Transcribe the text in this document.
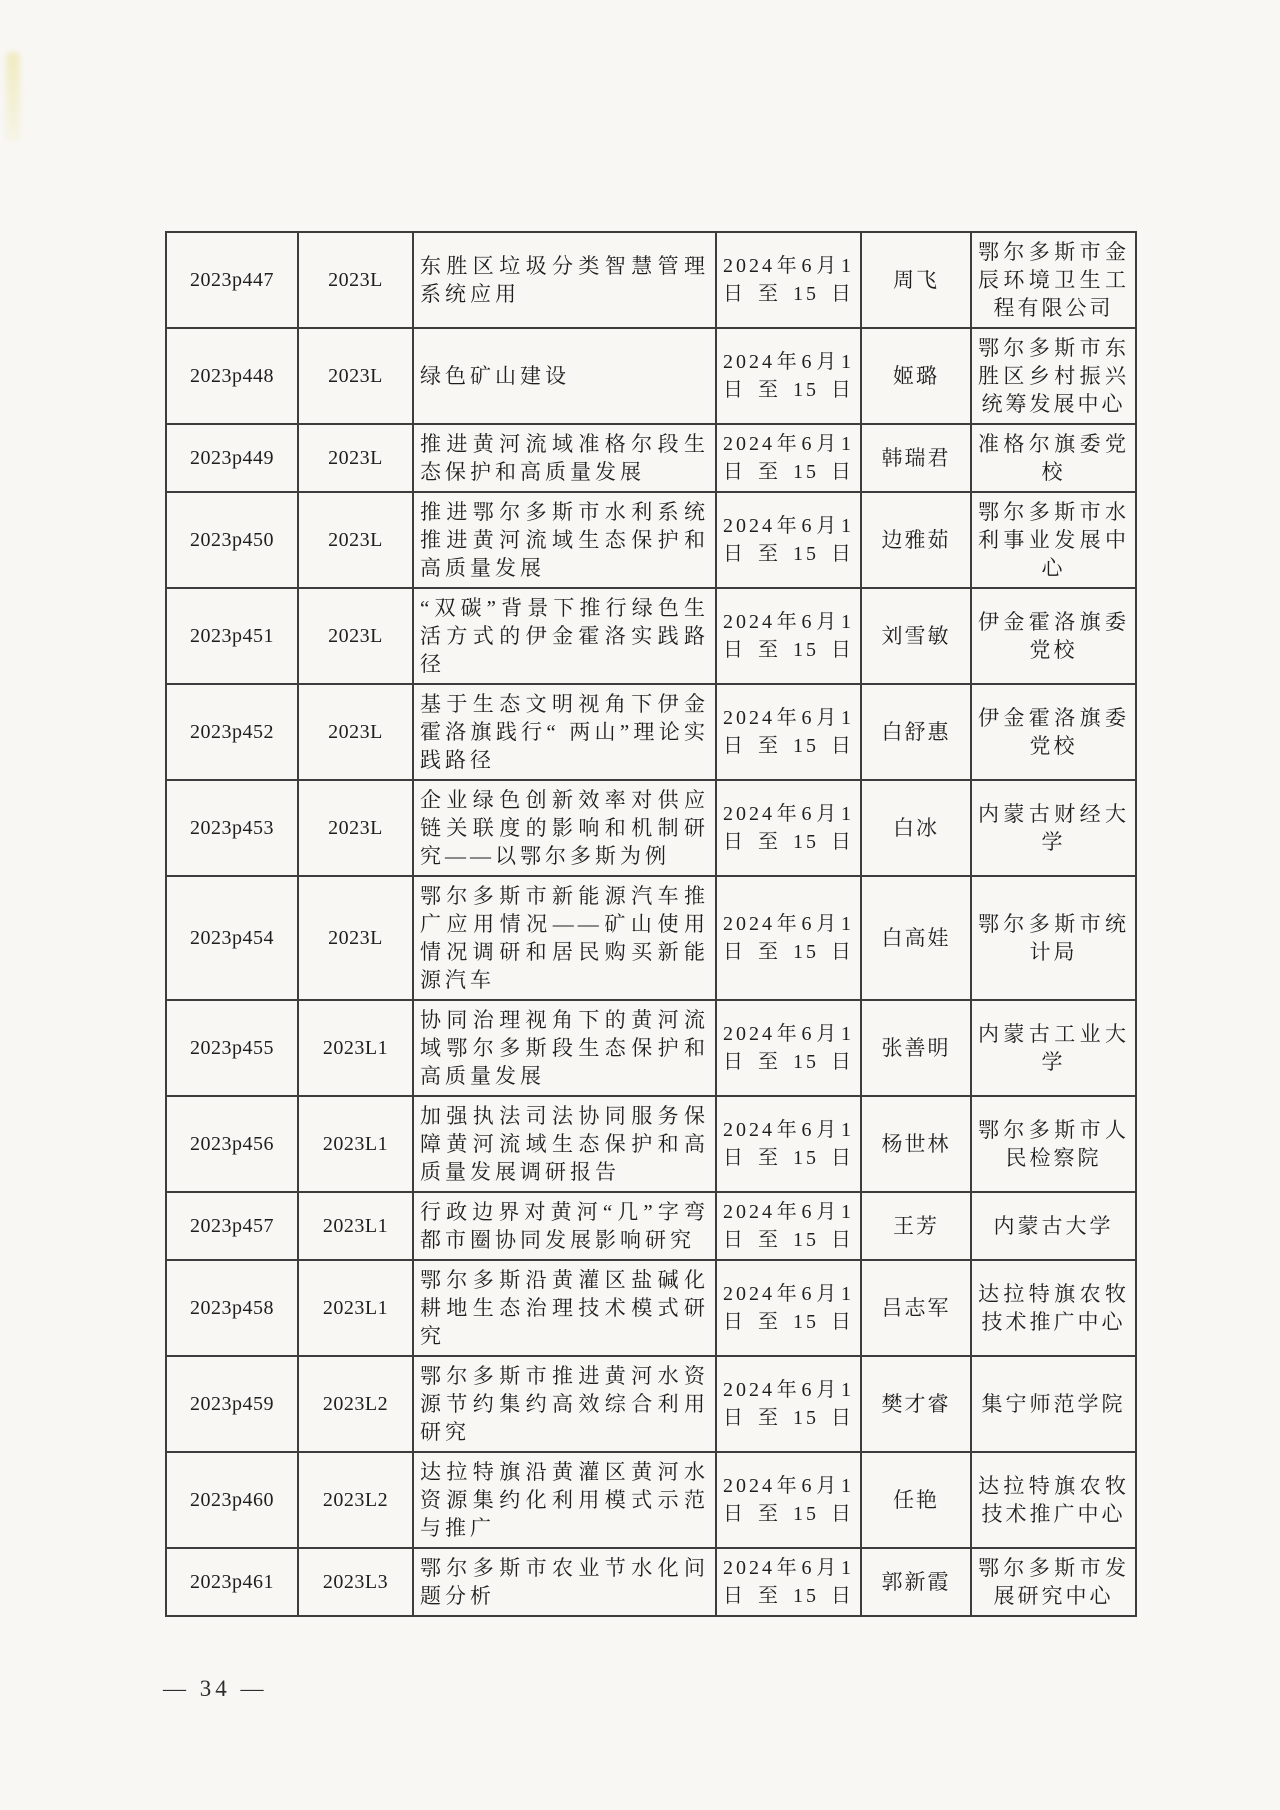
2023p447	2023L	东胜区垃圾分类智慧管理系统应用	2024年6月1日至15日	周飞	鄂尔多斯市金辰环境卫生工程有限公司
2023p448	2023L	绿色矿山建设	2024年6月1日至15日	姬璐	鄂尔多斯市东胜区乡村振兴统筹发展中心
2023p449	2023L	推进黄河流域准格尔段生态保护和高质量发展	2024年6月1日至15日	韩瑞君	准格尔旗委党校
2023p450	2023L	推进鄂尔多斯市水利系统推进黄河流域生态保护和高质量发展	2024年6月1日至15日	边雅茹	鄂尔多斯市水利事业发展中心
2023p451	2023L	“双碳”背景下推行绿色生活方式的伊金霍洛实践路径	2024年6月1日至15日	刘雪敏	伊金霍洛旗委党校
2023p452	2023L	基于生态文明视角下伊金霍洛旗践行“ 两山”理论实践路径	2024年6月1日至15日	白舒惠	伊金霍洛旗委党校
2023p453	2023L	企业绿色创新效率对供应链关联度的影响和机制研究——以鄂尔多斯为例	2024年6月1日至15日	白冰	内蒙古财经大学
2023p454	2023L	鄂尔多斯市新能源汽车推广应用情况——矿山使用情况调研和居民购买新能源汽车	2024年6月1日至15日	白高娃	鄂尔多斯市统计局
2023p455	2023L1	协同治理视角下的黄河流域鄂尔多斯段生态保护和高质量发展	2024年6月1日至15日	张善明	内蒙古工业大学
2023p456	2023L1	加强执法司法协同服务保障黄河流域生态保护和高质量发展调研报告	2024年6月1日至15日	杨世林	鄂尔多斯市人民检察院
2023p457	2023L1	行政边界对黄河“几”字弯都市圈协同发展影响研究	2024年6月1日至15日	王芳	内蒙古大学
2023p458	2023L1	鄂尔多斯沿黄灌区盐碱化耕地生态治理技术模式研究	2024年6月1日至15日	吕志军	达拉特旗农牧技术推广中心
2023p459	2023L2	鄂尔多斯市推进黄河水资源节约集约高效综合利用研究	2024年6月1日至15日	樊才睿	集宁师范学院
2023p460	2023L2	达拉特旗沿黄灌区黄河水资源集约化利用模式示范与推广	2024年6月1日至15日	任艳	达拉特旗农牧技术推广中心
2023p461	2023L3	鄂尔多斯市农业节水化问题分析	2024年6月1日至15日	郭新霞	鄂尔多斯市发展研究中心
— 34 —
